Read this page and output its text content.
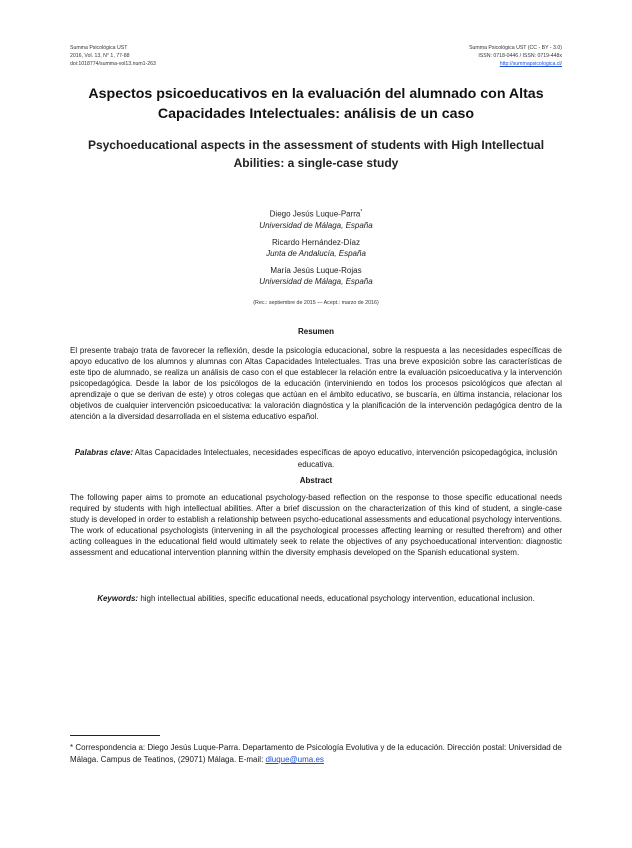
Summa Psicológica UST
2016, Vol. 13, N° 1, 77-88
doi:1018774/summa-vol13.num1-263
Summa Psicológica UST (CC - BY - 3.0)
ISSN: 0718-0446 / ISSN: 0719-448x
http://summapsicologica.cl/
Aspectos psicoeducativos en la evaluación del alumnado con Altas Capacidades Intelectuales: análisis de un caso
Psychoeducational aspects in the assessment of students with High Intellectual Abilities: a single-case study
Diego Jesús Luque-Parra*
Universidad de Málaga, España
Ricardo Hernández-Díaz
Junta de Andalucía, España
María Jesús Luque-Rojas
Universidad de Málaga, España
(Rec.: septiembre de 2015 — Acept.: marzo de 2016)
Resumen
El presente trabajo trata de favorecer la reflexión, desde la psicología educacional, sobre la respuesta a las necesidades específicas de apoyo educativo de los alumnos y alumnas con Altas Capacidades Intelectuales. Tras una breve exposición sobre las características de este tipo de alumnado, se realiza un análisis de caso con el que establecer la relación entre la evaluación psicoeducativa y la intervención psicopedagógica. Desde la labor de los psicólogos de la educación (interviniendo en todos los procesos psicológicos que afectan al aprendizaje o que se derivan de este) y otros colegas que actúan en el ámbito educativo, se buscaría, en última instancia, relacionar los objetivos de cualquier intervención psicoeducativa: la valoración diagnóstica y la planificación de la intervención pedagógica dentro de la atención a la diversidad desarrollada en el sistema educativo español.
Palabras clave: Altas Capacidades Intelectuales, necesidades específicas de apoyo educativo, intervención psicopedagógica, inclusión educativa.
Abstract
The following paper aims to promote an educational psychology-based reflection on the response to those specific educational needs required by students with high intellectual abilities. After a brief discussion on the characterization of this kind of student, a single-case study is developed in order to establish a relationship between psycho-educational assessments and educational psychology interventions. The work of educational psychologists (intervening in all the psychological processes affecting learning or resulted therefrom) and other acting colleagues in the educational field would ultimately seek to relate the objectives of any psychoeducational intervention: diagnostic assessment and educational intervention planning within the diversity emphasis developed on the Spanish educational system.
Keywords: high intellectual abilities, specific educational needs, educational psychology intervention, educational inclusion.
* Correspondencia a: Diego Jesús Luque-Parra. Departamento de Psicología Evolutiva y de la educación. Dirección postal: Universidad de Málaga. Campus de Teatinos, (29071) Málaga. E-mail: dluque@uma.es
